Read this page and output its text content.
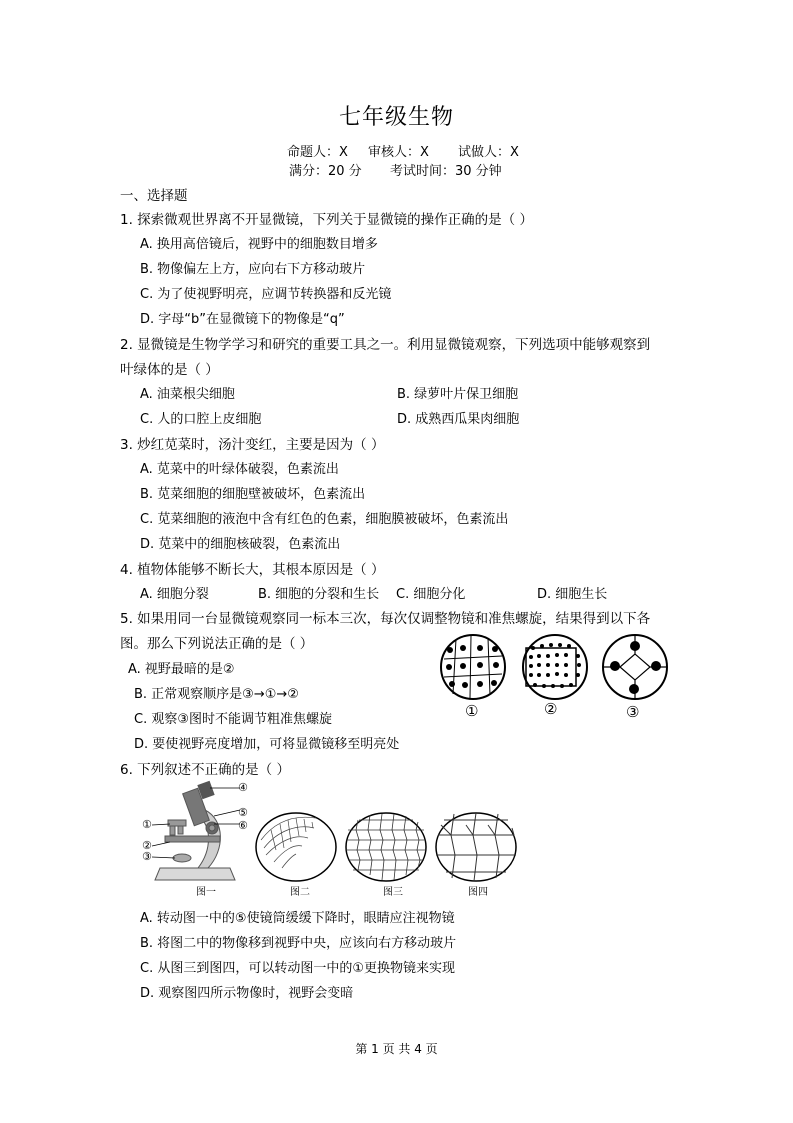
七年级生物
命题人：X 审核人：X 试做人：X
满分：20 分 考试时间：30 分钟
一、选择题
1. 探索微观世界离不开显微镜，下列关于显微镜的操作正确的是（ ）
A. 换用高倍镜后，视野中的细胞数目增多
B. 物像偏左上方，应向右下方移动玻片
C. 为了使视野明亮，应调节转换器和反光镜
D. 字母“b”在显微镜下的物像是“q”
2. 显微镜是生物学学习和研究的重要工具之一。利用显微镜观察，下列选项中能够观察到
叶绿体的是（ ）
A. 油菜根尖细胞	B. 绿萝叶片保卫细胞
C. 人的口腔上皮细胞	D. 成熟西瓜果肉细胞
3. 炒红苋菜时，汤汁变红，主要是因为（ ）
A. 苋菜中的叶绿体破裂，色素流出
B. 苋菜细胞的细胞壁被破坏，色素流出
C. 苋菜细胞的液泡中含有红色的色素，细胞膜被破坏，色素流出
D. 苋菜中的细胞核破裂，色素流出
4. 植物体能够不断长大，其根本原因是（ ）
A. 细胞分裂	B. 细胞的分裂和生长 C. 细胞分化	D. 细胞生长
5. 如果用同一台显微镜观察同一标本三次，每次仅调整物镜和准焦螺旋，结果得到以下各
图。那么下列说法正确的是（ ）
A. 视野最暗的是②
B. 正常观察顺序是③→①→②
C. 观察③图时不能调节粗准焦螺旋
D. 要使视野亮度增加，可将显微镜移至明亮处
①	②	③
6. 下列叙述不正确的是（ ）
④
⑤
⑥
①
②
③
图二
图一	图三	图四
A. 转动图一中的⑤使镜筒缓缓下降时，眼睛应注视物镜
B. 将图二中的物像移到视野中央，应该向右方移动玻片
C. 从图三到图四，可以转动图一中的①更换物镜来实现
D. 观察图四所示物像时，视野会变暗
第 1 页 共 4 页
